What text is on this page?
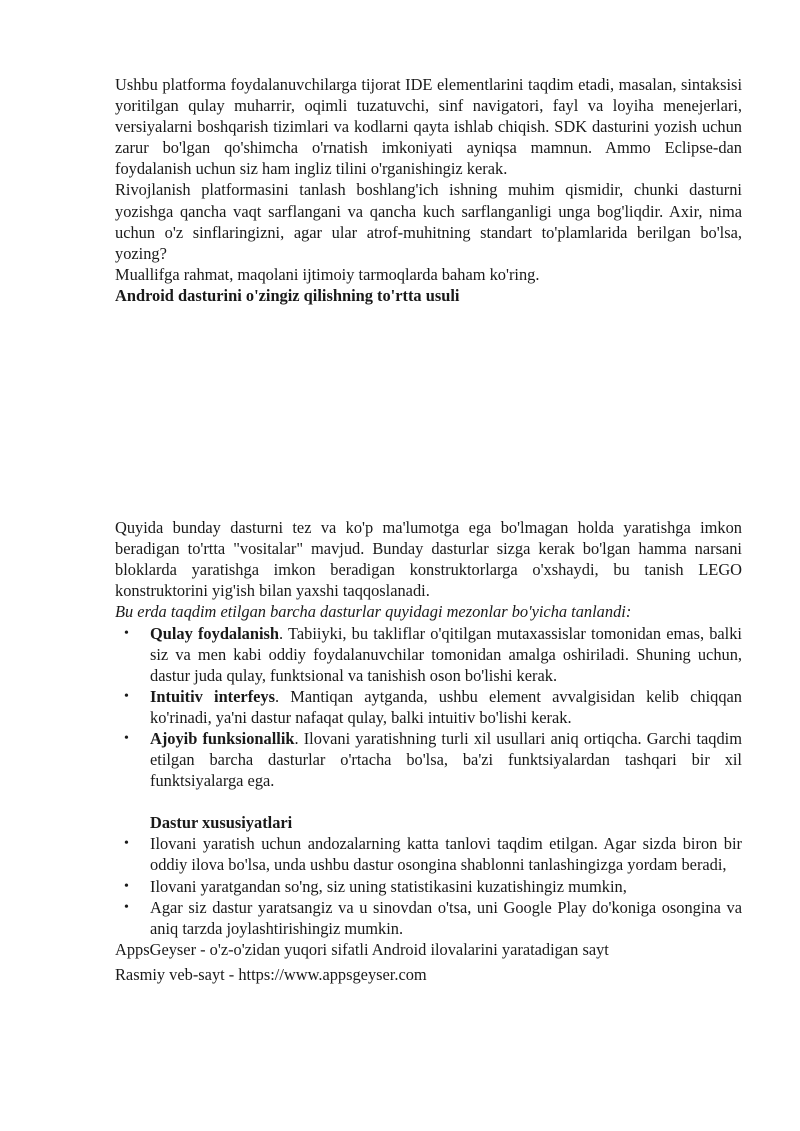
Ushbu platforma foydalanuvchilarga tijorat IDE elementlarini taqdim etadi, masalan, sintaksisi yoritilgan qulay muharrir, oqimli tuzatuvchi, sinf navigatori, fayl va loyiha menejerlari, versiyalarni boshqarish tizimlari va kodlarni qayta ishlab chiqish. SDK dasturini yozish uchun zarur bo'lgan qo'shimcha o'rnatish imkoniyati ayniqsa mamnun. Ammo Eclipse-dan foydalanish uchun siz ham ingliz tilini o'rganishingiz kerak.

Rivojlanish platformasini tanlash boshlang'ich ishning muhim qismidir, chunki dasturni yozishga qancha vaqt sarflangani va qancha kuch sarflanganligi unga bog'liqdir. Axir, nima uchun o'z sinflaringizni, agar ular atrof-muhitning standart to'plamlarida berilgan bo'lsa, yozing?

Muallifga rahmat, maqolani ijtimoiy tarmoqlarda baham ko'ring.

Android dasturini o'zingiz qilishning to'rtta usuli

Quyida bunday dasturni tez va ko'p ma'lumotga ega bo'lmagan holda yaratishga imkon beradigan to'rtta "vositalar" mavjud. Bunday dasturlar sizga kerak bo'lgan hamma narsani bloklarda yaratishga imkon beradigan konstruktorlarga o'xshaydi, bu tanish LEGO konstruktorini yig'ish bilan yaxshi taqqoslanadi.

Bu erda taqdim etilgan barcha dasturlar quyidagi mezonlar bo'yicha tanlandi:

• Qulay foydalanish. Tabiiyki, bu takliflar o'qitilgan mutaxassislar tomonidan emas, balki siz va men kabi oddiy foydalanuvchilar tomonidan amalga oshiriladi. Shuning uchun, dastur juda qulay, funktsional va tanishish oson bo'lishi kerak.
• Intuitiv interfeys. Mantiqan aytganda, ushbu element avvalgisidan kelib chiqqan ko'rinadi, ya'ni dastur nafaqat qulay, balki intuitiv bo'lishi kerak.
• Ajoyib funksionallik. Ilovani yaratishning turli xil usullari aniq ortiqcha. Garchi taqdim etilgan barcha dasturlar o'rtacha bo'lsa, ba'zi funktsiyalardan tashqari bir xil funktsiyalarga ega.

Dastur xususiyatlari

• Ilovani yaratish uchun andozalarning katta tanlovi taqdim etilgan. Agar sizda biron bir oddiy ilova bo'lsa, unda ushbu dastur osongina shablonni tanlashingizga yordam beradi,
• Ilovani yaratgandan so'ng, siz uning statistikasini kuzatishingiz mumkin,
• Agar siz dastur yaratsangiz va u sinovdan o'tsa, uni Google Play do'koniga osongina va aniq tarzda joylashtirishingiz mumkin.

AppsGeyser - o'z-o'zidan yuqori sifatli Android ilovalarini yaratadigan sayt

Rasmiy veb-sayt - https://www.appsgeyser.com
